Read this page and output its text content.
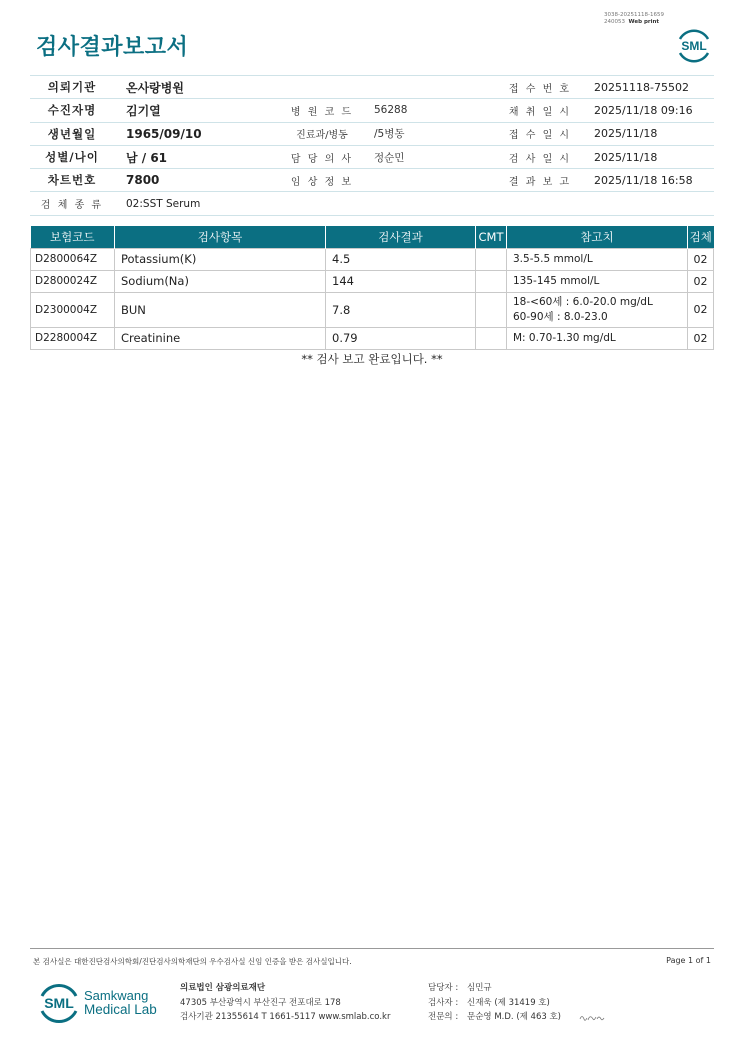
3038-20251118-1659
240053 Web print
검사결과보고서	SML
의뢰기관	온사랑병원			접 수 번 호	20251118-75502
수진자명	김기열	병 원 코 드	56288	채 취 일 시	2025/11/18 09:16
생년월일	1965/09/10	진료과/병동	/5병동	접 수 일 시	2025/11/18
성별/나이	남 / 61	담 당 의 사	정순민	검 사 일 시	2025/11/18
차트번호	7800	임 상 정 보		결 과 보 고	2025/11/18 16:58
검 체 종 류	02:SST Serum				
보험코드	검사항목	검사결과	CMT	참고치	검체
D2800064Z	Potassium(K)	4.5		3.5-5.5 mmol/L	02
D2800024Z	Sodium(Na)	144		135-145 mmol/L	02
D2300004Z	BUN	7.8		18-<60세 : 6.0-20.0 mg/dL
60-90세 : 8.0-23.0	02
D2280004Z	Creatinine	0.79		M: 0.70-1.30 mg/dL	02
** 검사 보고 완료입니다. **
본 검사실은 대한진단검사의학회/진단검사의학재단의 우수검사실 신임 인증을 받은 검사실입니다.	Page 1 of 1
SML Samkwang
Medical Lab
의료법인 삼광의료재단
47305 부산광역시 부산진구 전포대로 178
검사기관 21355614 T 1661-5117 www.smlab.co.kr
담당자 :	심민규
검사자 :	신재욱 (제 31419 호)
전문의 :	문순영 M.D. (제 463 호)
